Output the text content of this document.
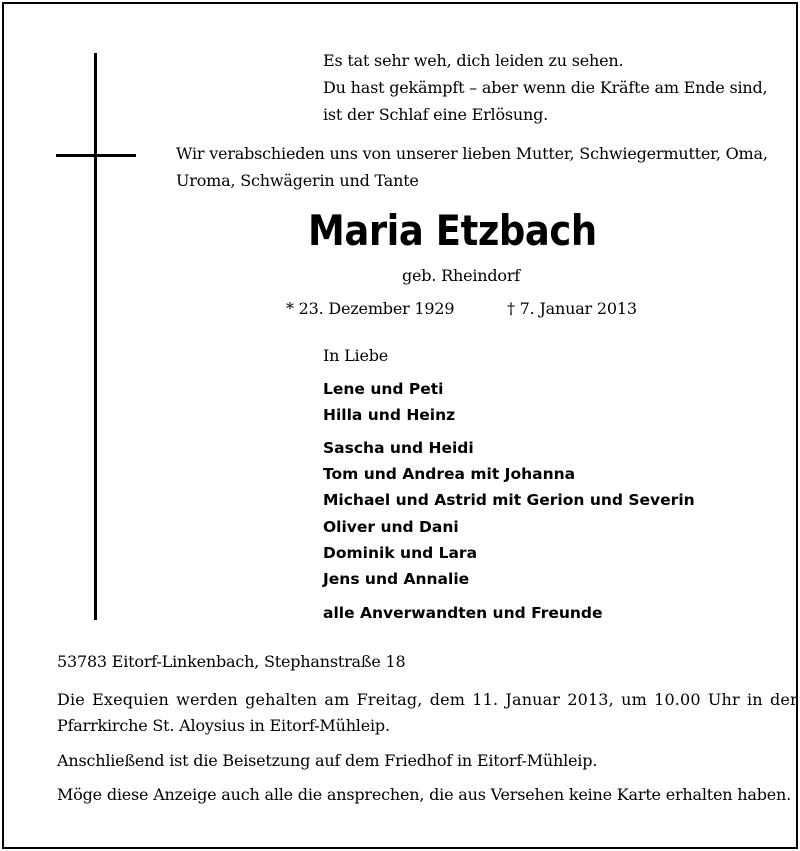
Es tat sehr weh, dich leiden zu sehen.
Du hast gekämpft – aber wenn die Kräfte am Ende sind,
ist der Schlaf eine Erlösung.
Wir verabschieden uns von unserer lieben Mutter, Schwiegermutter, Oma,
Uroma, Schwägerin und Tante
Maria Etzbach
geb. Rheindorf
* 23. Dezember 1929	† 7. Januar 2013
In Liebe
Lene und Peti
Hilla und Heinz
Sascha und Heidi
Tom und Andrea mit Johanna
Michael und Astrid mit Gerion und Severin
Oliver und Dani
Dominik und Lara
Jens und Annalie
alle Anverwandten und Freunde
53783 Eitorf-Linkenbach, Stephanstraße 18
Die Exequien werden gehalten am Freitag, dem 11. Januar 2013, um 10.00 Uhr in der
Pfarrkirche St. Aloysius in Eitorf-Mühleip.
Anschließend ist die Beisetzung auf dem Friedhof in Eitorf-Mühleip.
Möge diese Anzeige auch alle die ansprechen, die aus Versehen keine Karte erhalten haben.
